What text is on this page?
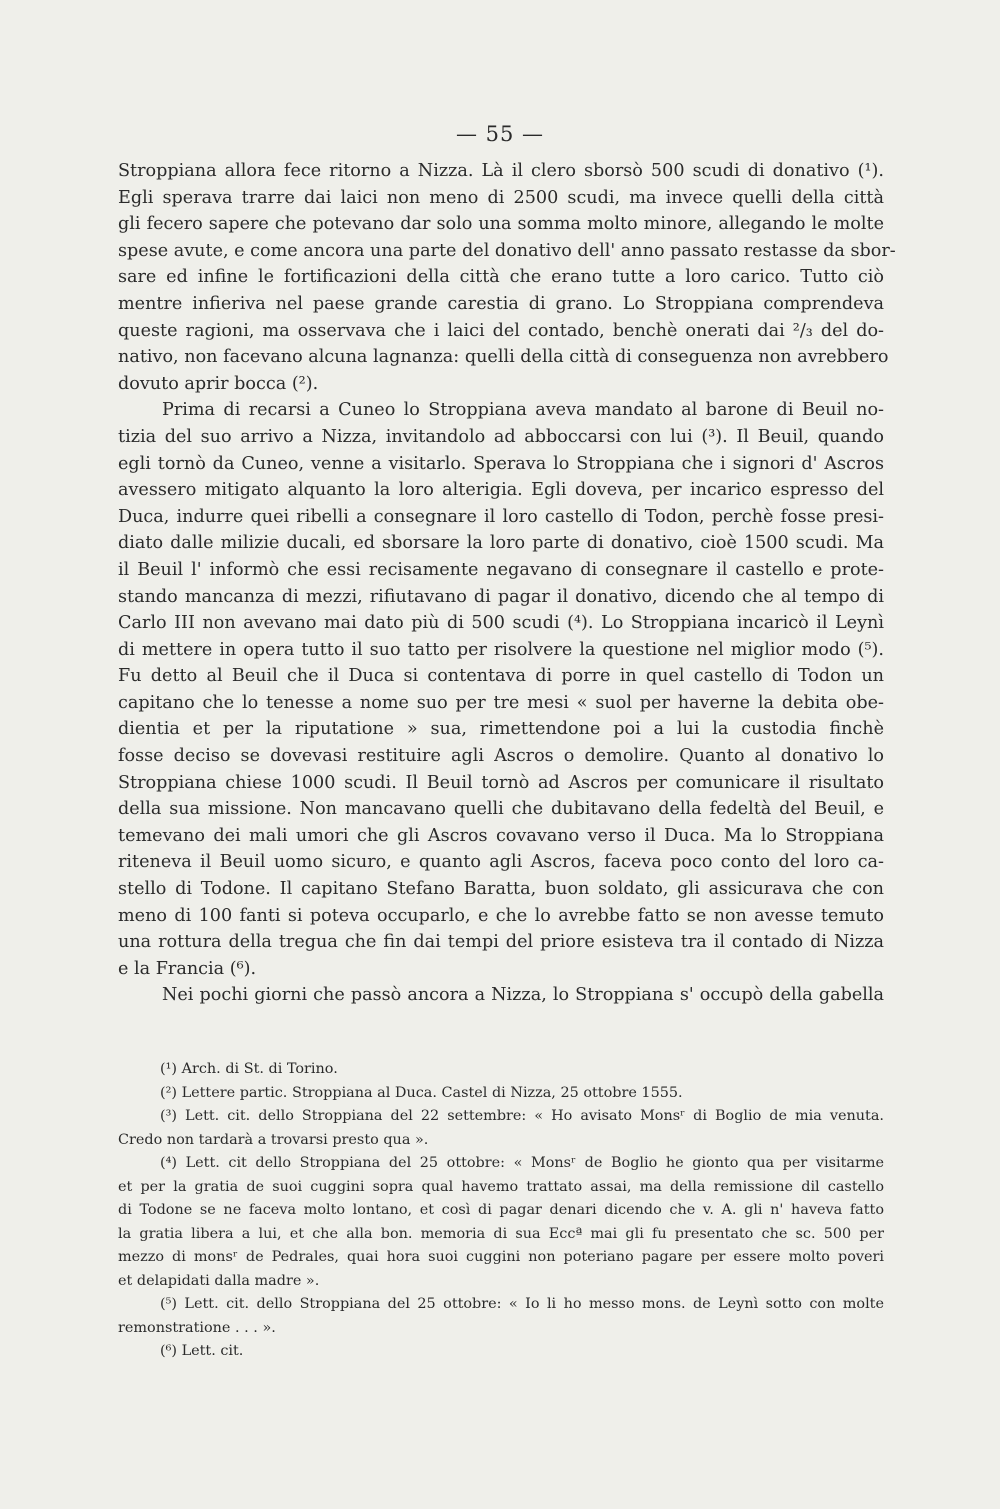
— 55 —
Stroppiana allora fece ritorno a Nizza. Là il clero sborsò 500 scudi di donativo (¹).
Egli sperava trarre dai laici non meno di 2500 scudi, ma invece quelli della città
gli fecero sapere che potevano dar solo una somma molto minore, allegando le molte
spese avute, e come ancora una parte del donativo dell' anno passato restasse da sbor-
sare ed infine le fortificazioni della città che erano tutte a loro carico. Tutto ciò
mentre infieriva nel paese grande carestia di grano. Lo Stroppiana comprendeva
queste ragioni, ma osservava che i laici del contado, benchè onerati dai ²/₃ del do-
nativo, non facevano alcuna lagnanza: quelli della città di conseguenza non avrebbero
dovuto aprir bocca (²).
Prima di recarsi a Cuneo lo Stroppiana aveva mandato al barone di Beuil no-
tizia del suo arrivo a Nizza, invitandolo ad abboccarsi con lui (³). Il Beuil, quando
egli tornò da Cuneo, venne a visitarlo. Sperava lo Stroppiana che i signori d' Ascros
avessero mitigato alquanto la loro alterigia. Egli doveva, per incarico espresso del
Duca, indurre quei ribelli a consegnare il loro castello di Todon, perchè fosse presi-
diato dalle milizie ducali, ed sborsare la loro parte di donativo, cioè 1500 scudi. Ma
il Beuil l' informò che essi recisamente negavano di consegnare il castello e prote-
stando mancanza di mezzi, rifiutavano di pagar il donativo, dicendo che al tempo di
Carlo III non avevano mai dato più di 500 scudi (⁴). Lo Stroppiana incaricò il Leynì
di mettere in opera tutto il suo tatto per risolvere la questione nel miglior modo (⁵).
Fu detto al Beuil che il Duca si contentava di porre in quel castello di Todon un
capitano che lo tenesse a nome suo per tre mesi « suol per haverne la debita obe-
dientia et per la riputatione » sua, rimettendone poi a lui la custodia finchè
fosse deciso se dovevasi restituire agli Ascros o demolire. Quanto al donativo lo
Stroppiana chiese 1000 scudi. Il Beuil tornò ad Ascros per comunicare il risultato
della sua missione. Non mancavano quelli che dubitavano della fedeltà del Beuil, e
temevano dei mali umori che gli Ascros covavano verso il Duca. Ma lo Stroppiana
riteneva il Beuil uomo sicuro, e quanto agli Ascros, faceva poco conto del loro ca-
stello di Todone. Il capitano Stefano Baratta, buon soldato, gli assicurava che con
meno di 100 fanti si poteva occuparlo, e che lo avrebbe fatto se non avesse temuto
una rottura della tregua che fin dai tempi del priore esisteva tra il contado di Nizza
e la Francia (⁶).
Nei pochi giorni che passò ancora a Nizza, lo Stroppiana s' occupò della gabella
(¹) Arch. di St. di Torino.
(²) Lettere partic. Stroppiana al Duca. Castel di Nizza, 25 ottobre 1555.
(³) Lett. cit. dello Stroppiana del 22 settembre: « Ho avisato Monsʳ di Boglio de mia venuta.
Credo non tardarà a trovarsi presto qua ».
(⁴) Lett. cit dello Stroppiana del 25 ottobre: « Monsʳ de Boglio he gionto qua per visitarme
et per la gratia de suoi cuggini sopra qual havemo trattato assai, ma della remissione dil castello
di Todone se ne faceva molto lontano, et così di pagar denari dicendo che v. A. gli n' haveva fatto
la gratia libera a lui, et che alla bon. memoria di sua Eccª mai gli fu presentato che sc. 500 per
mezzo di monsʳ de Pedrales, quai hora suoi cuggini non poteriano pagare per essere molto poveri
et delapidati dalla madre ».
(⁵) Lett. cit. dello Stroppiana del 25 ottobre: « Io li ho messo mons. de Leynì sotto con molte
remonstratione . . . ».
(⁶) Lett. cit.
